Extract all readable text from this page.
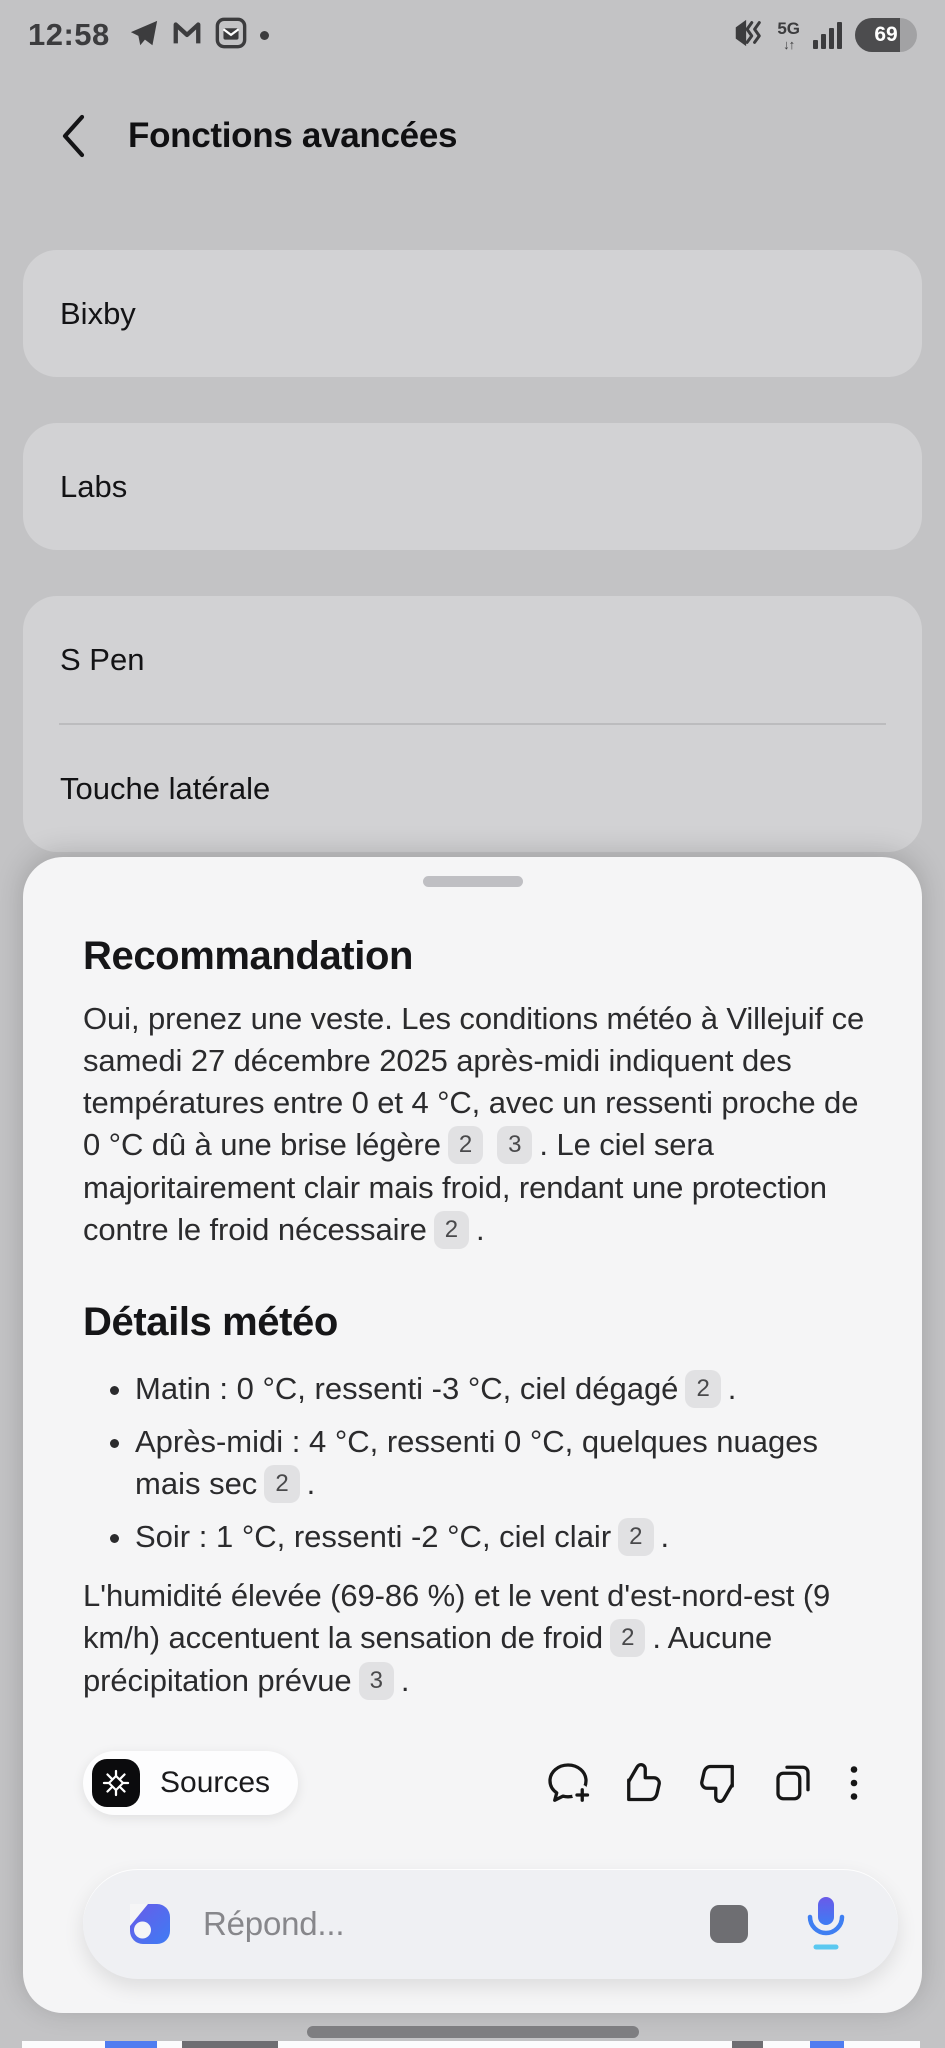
12:58	5G
↓↑	69
Fonctions avancées
Bixby
Labs
S Pen
Touche latérale
Recommandation

Oui, prenez une veste. Les conditions météo à Villejuif ce samedi 27 décembre 2025 après-midi indiquent des températures entre 0 et 4 °C, avec un ressenti proche de 0 °C dû à une brise légère 2 3 . Le ciel sera majoritairement clair mais froid, rendant une protection contre le froid nécessaire 2 .

Détails météo
• Matin : 0 °C, ressenti -3 °C, ciel dégagé 2 .
• Après-midi : 4 °C, ressenti 0 °C, quelques nuages mais sec 2 .
• Soir : 1 °C, ressenti -2 °C, ciel clair 2 .

L'humidité élevée (69-86 %) et le vent d'est-nord-est (9 km/h) accentuent la sensation de froid 2 . Aucune précipitation prévue 3 .

Sources
Répond...
